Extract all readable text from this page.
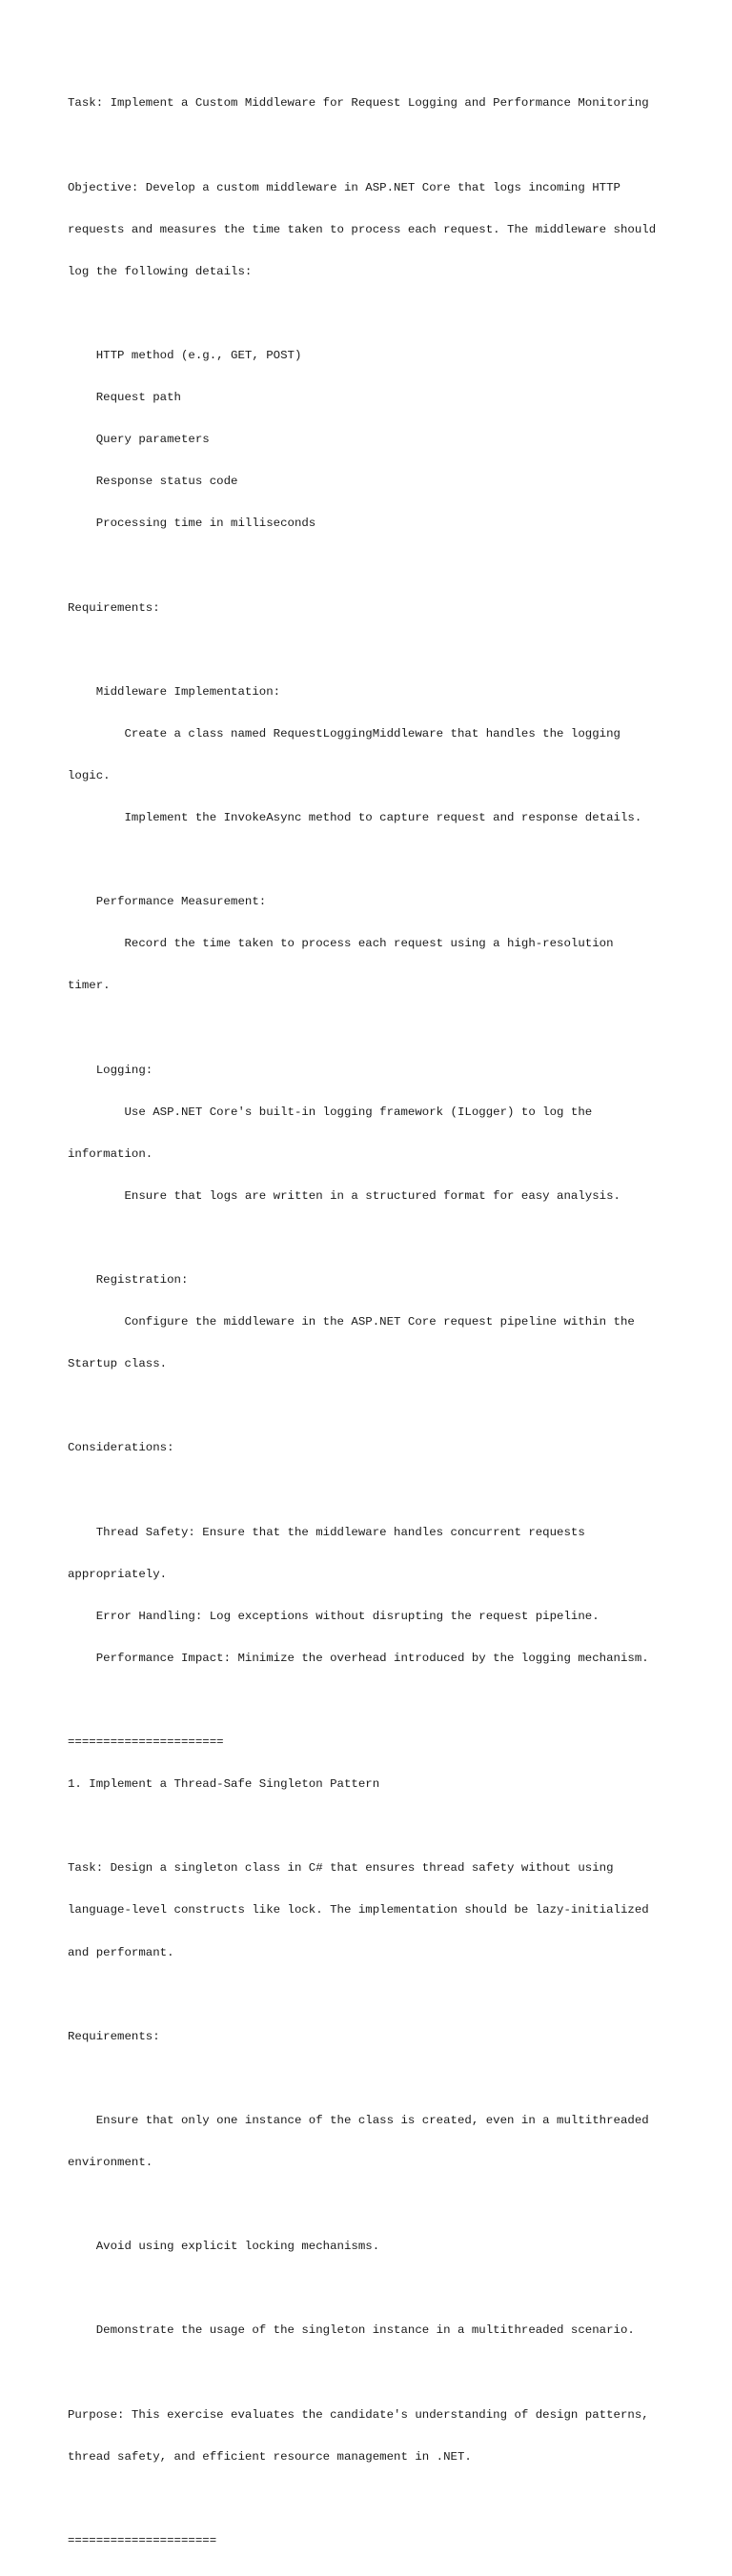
Task: Implement a Custom Middleware for Request Logging and Performance Monitoring

Objective: Develop a custom middleware in ASP.NET Core that logs incoming HTTP

requests and measures the time taken to process each request. The middleware should

log the following details:

HTTP method (e.g., GET, POST)

Request path

Query parameters

Response status code

Processing time in milliseconds

Requirements:

Middleware Implementation:

Create a class named RequestLoggingMiddleware that handles the logging

logic.

Implement the InvokeAsync method to capture request and response details.

Performance Measurement:

Record the time taken to process each request using a high-resolution

timer.

Logging:

Use ASP.NET Core's built-in logging framework (ILogger) to log the

information.

Ensure that logs are written in a structured format for easy analysis.

Registration:

Configure the middleware in the ASP.NET Core request pipeline within the

Startup class.

Considerations:

Thread Safety: Ensure that the middleware handles concurrent requests

appropriately.

Error Handling: Log exceptions without disrupting the request pipeline.

Performance Impact: Minimize the overhead introduced by the logging mechanism.

======================

1. Implement a Thread-Safe Singleton Pattern

Task: Design a singleton class in C# that ensures thread safety without using

language-level constructs like lock. The implementation should be lazy-initialized

and performant.

Requirements:

Ensure that only one instance of the class is created, even in a multithreaded

environment.

Avoid using explicit locking mechanisms.

Demonstrate the usage of the singleton instance in a multithreaded scenario.

Purpose: This exercise evaluates the candidate's understanding of design patterns,

thread safety, and efficient resource management in .NET.

=====================
